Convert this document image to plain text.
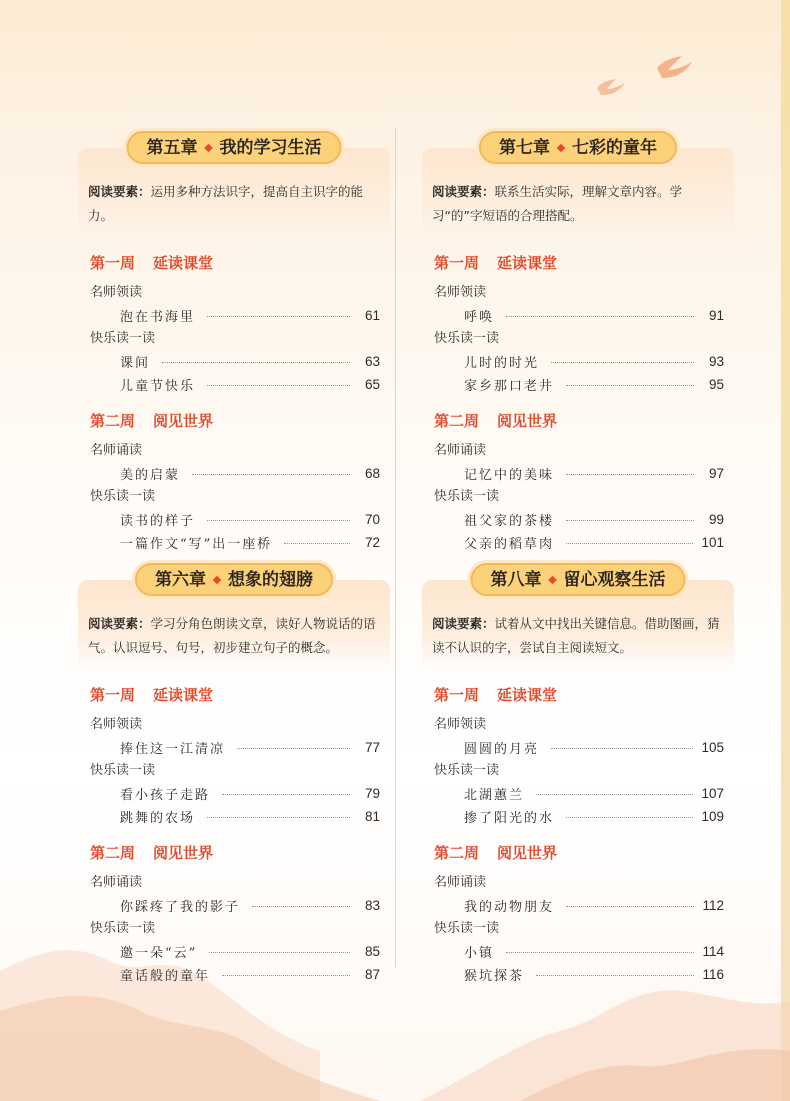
第五章 我的学习生活
阅读要素：运用多种方法识字，提高自主识字的能力。
第一周 延读课堂
名师领读
泡在书海里	61
快乐读一读
课间	63
儿童节快乐	65
第二周 阅见世界
名师诵读
美的启蒙	68
快乐读一读
读书的样子	70
一篇作文“写”出一座桥	72
第七章 七彩的童年
阅读要素：联系生活实际，理解文章内容。学习“的”字短语的合理搭配。
第一周 延读课堂
名师领读
呼唤	91
快乐读一读
儿时的时光	93
家乡那口老井	95
第二周 阅见世界
名师诵读
记忆中的美味	97
快乐读一读
祖父家的茶楼	99
父亲的稻草肉	101
第六章 想象的翅膀
阅读要素：学习分角色朗读文章，读好人物说话的语气。认识逗号、句号，初步建立句子的概念。
第一周 延读课堂
名师领读
捧住这一江清凉	77
快乐读一读
看小孩子走路	79
跳舞的农场	81
第二周 阅见世界
名师诵读
你踩疼了我的影子	83
快乐读一读
邀一朵“云”	85
童话般的童年	87
第八章 留心观察生活
阅读要素：试着从文中找出关键信息。借助图画，猜读不认识的字，尝试自主阅读短文。
第一周 延读课堂
名师领读
圆圆的月亮	105
快乐读一读
北湖蕙兰	107
掺了阳光的水	109
第二周 阅见世界
名师诵读
我的动物朋友	112
快乐读一读
小镇	114
猴坑探茶	116
